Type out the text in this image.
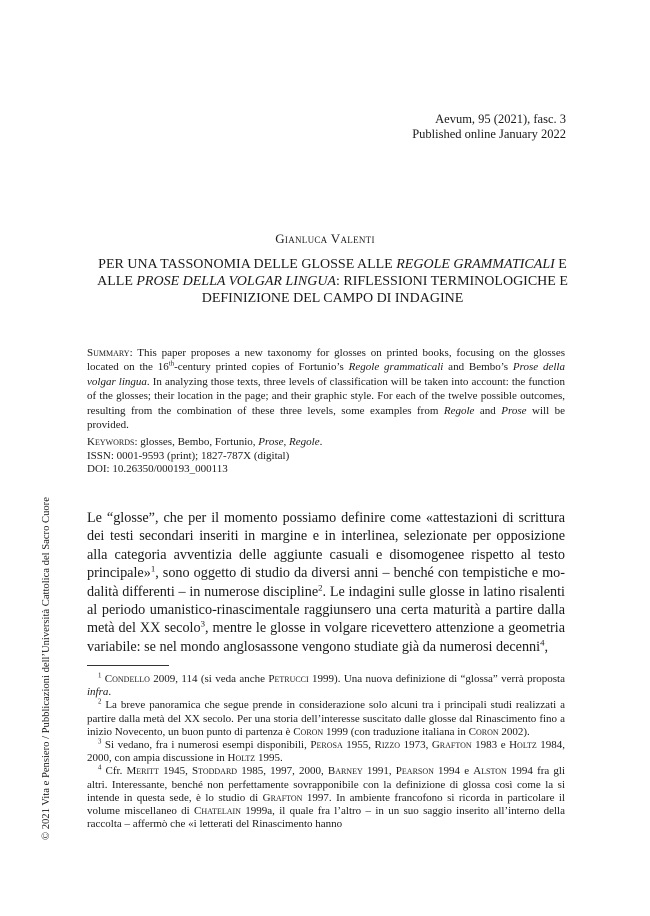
Aevum, 95 (2021), fasc. 3
Published online January 2022
Gianluca Valenti
PER UNA TASSONOMIA DELLE GLOSSE ALLE REGOLE GRAMMATICALI E
ALLE PROSE DELLA VOLGAR LINGUA: RIFLESSIONI TERMINOLOGICHE E
DEFINIZIONE DEL CAMPO DI INDAGINE

Summary: This paper proposes a new taxonomy for glosses on printed books, focusing on the glosses located on the 16th-century printed copies of Fortunio’s Regole grammaticali and Bembo’s Prose della volgar lingua. In analyzing those texts, three levels of classification will be taken into account: the function of the glosses; their location in the page; and their graphic style. For each of the twelve possible outcomes, resulting from the combination of these three levels, some examples from Regole and Prose will be provided.

Keywords: glosses, Bembo, Fortunio, Prose, Regole.
ISSN: 0001-9593 (print); 1827-787X (digital)
DOI: 10.26350/000193_000113

Le “glosse”, che per il momento possiamo definire come «attestazioni di scrittura dei testi secondari inseriti in margine e in interlinea, selezionate per opposizione alla categoria avventizia delle aggiunte casuali e disomogenee rispetto al testo principale»$^1$, sono oggetto di studio da diversi anni – benché con tempistiche e modalità differenti – in numerose discipline$^2$. Le indagini sulle glosse in latino risalenti al periodo umanistico-rinascimentale raggiunsero una certa maturità a partire dalla metà del XX secolo$^3$, mentre le glosse in volgare ricevettero attenzione a geometria variabile: se nel mondo anglosassone vengono studiate già da numerosi decenni$^4$,

$^1$ Condello 2009, 114 (si veda anche Petrucci 1999). Una nuova definizione di “glossa” verrà proposta infra.

$^2$ La breve panoramica che segue prende in considerazione solo alcuni tra i principali studi realizzati a partire dalla metà del XX secolo. Per una storia dell’interesse suscitato dalle glosse dal Rinascimento fino a inizio Novecento, un buon punto di partenza è Coron 1999 (con traduzione italiana in Coron 2002).

$^3$ Si vedano, fra i numerosi esempi disponibili, Perosa 1955, Rizzo 1973, Grafton 1983 e Holtz 1984, 2000, con ampia discussione in Holtz 1995.

$^4$ Cfr. Meritt 1945, Stoddard 1985, 1997, 2000, Barney 1991, Pearson 1994 e Alston 1994 fra gli altri. Interessante, benché non perfettamente sovrapponibile con la definizione di glossa così come la si intende in questa sede, è lo studio di Grafton 1997. In ambiente francofono si ricorda in particolare il volume miscellaneo di Chatelain 1999a, il quale fra l’altro – in un suo saggio inserito all’interno della raccolta – affermò che «i letterati del Rinascimento hanno

© 2021 Vita e Pensiero / Pubblicazioni dell’Università Cattolica del Sacro Cuore
